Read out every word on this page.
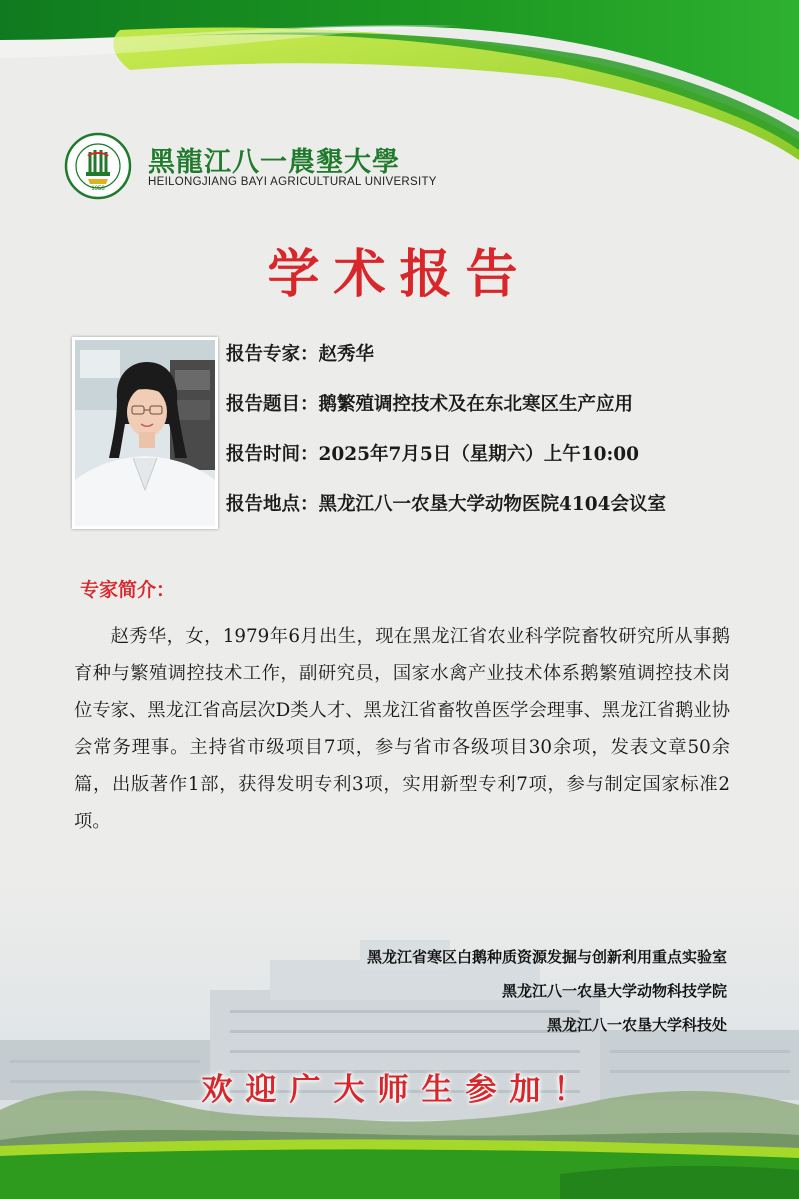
1958
黑龍江八一農墾大學
HEILONGJIANG BAYI AGRICULTURAL UNIVERSITY
学术报告
报告专家：赵秀华
报告题目：鹅繁殖调控技术及在东北寒区生产应用
报告时间：2025年7月5日（星期六）上午10:00
报告地点：黑龙江八一农垦大学动物医院4104会议室
专家简介：
赵秀华，女，1979年6月出生，现在黑龙江省农业科学院畜牧研究所从事鹅育种与繁殖调控技术工作，副研究员，国家水禽产业技术体系鹅繁殖调控技术岗位专家、黑龙江省高层次D类人才、黑龙江省畜牧兽医学会理事、黑龙江省鹅业协会常务理事。主持省市级项目7项，参与省市各级项目30余项，发表文章50余篇，出版著作1部，获得发明专利3项，实用新型专利7项，参与制定国家标准2项。
黑龙江省寒区白鹅种质资源发掘与创新利用重点实验室
黑龙江八一农垦大学动物科技学院
黑龙江八一农垦大学科技处
欢迎广大师生参加！
